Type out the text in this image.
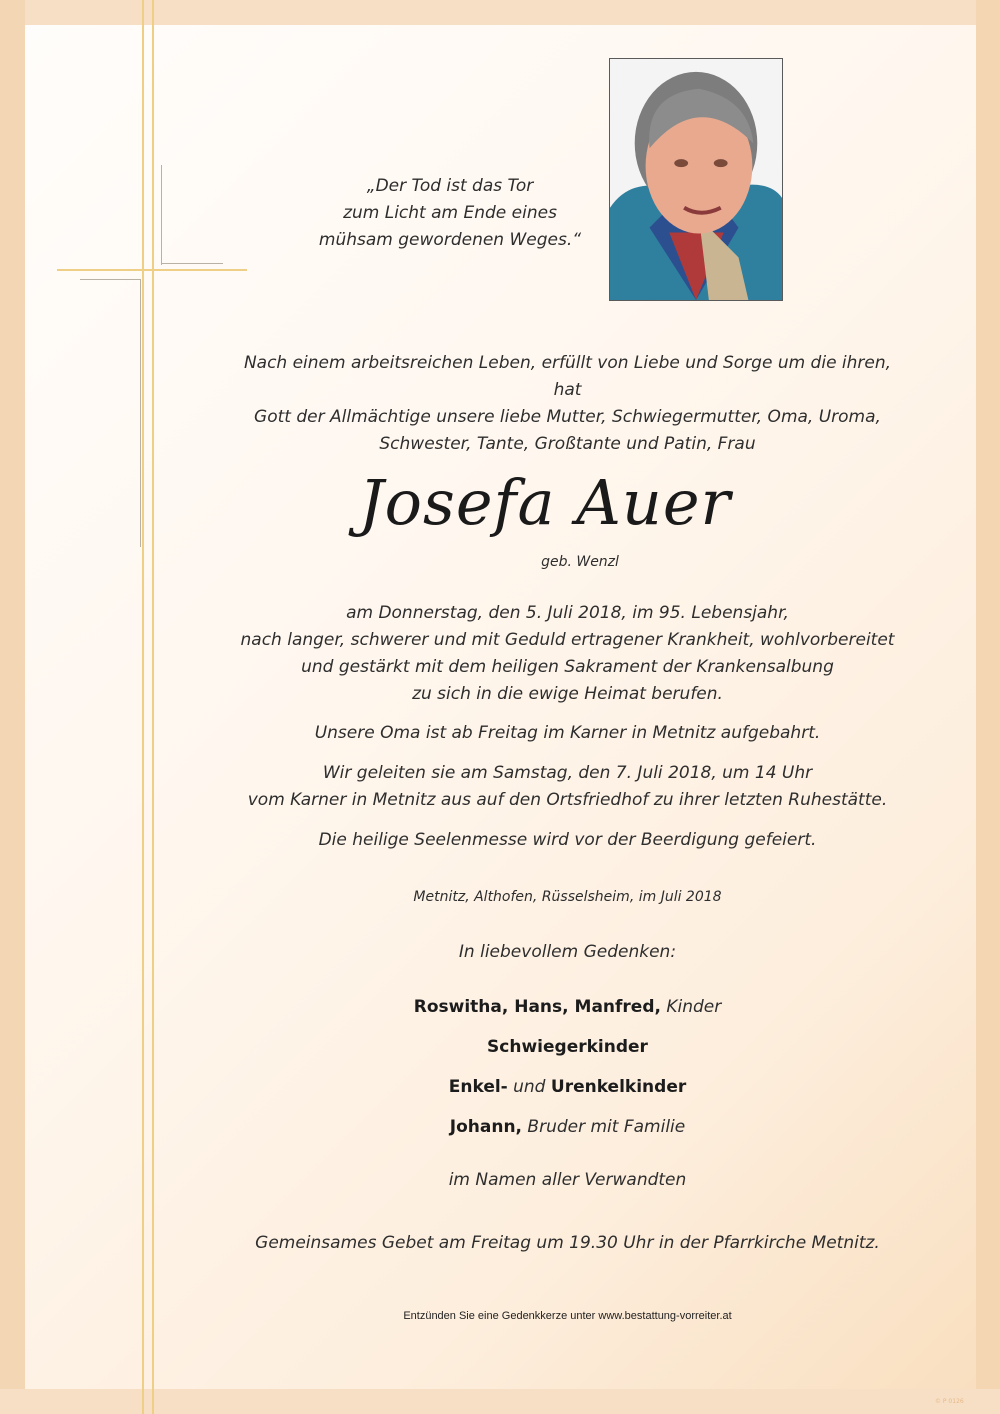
„Der Tod ist das Tor
zum Licht am Ende eines
mühsam gewordenen Weges.“
Nach einem arbeitsreichen Leben, erfüllt von Liebe und Sorge um die ihren, hat
Gott der Allmächtige unsere liebe Mutter, Schwiegermutter, Oma, Uroma,
Schwester, Tante, Großtante und Patin, Frau
Josefa Auer
geb. Wenzl
am Donnerstag, den 5. Juli 2018, im 95. Lebensjahr,
nach langer, schwerer und mit Geduld ertragener Krankheit, wohlvorbereitet
und gestärkt mit dem heiligen Sakrament der Krankensalbung
zu sich in die ewige Heimat berufen.
Unsere Oma ist ab Freitag im Karner in Metnitz aufgebahrt.
Wir geleiten sie am Samstag, den 7. Juli 2018, um 14 Uhr
vom Karner in Metnitz aus auf den Ortsfriedhof zu ihrer letzten Ruhestätte.
Die heilige Seelenmesse wird vor der Beerdigung gefeiert.
Metnitz, Althofen, Rüsselsheim, im Juli 2018
In liebevollem Gedenken:
Roswitha, Hans, Manfred, Kinder
Schwiegerkinder
Enkel- und Urenkelkinder
Johann, Bruder mit Familie
im Namen aller Verwandten
Gemeinsames Gebet am Freitag um 19.30 Uhr in der Pfarrkirche Metnitz.
Entzünden Sie eine Gedenkkerze unter www.bestattung-vorreiter.at
© P 0126
